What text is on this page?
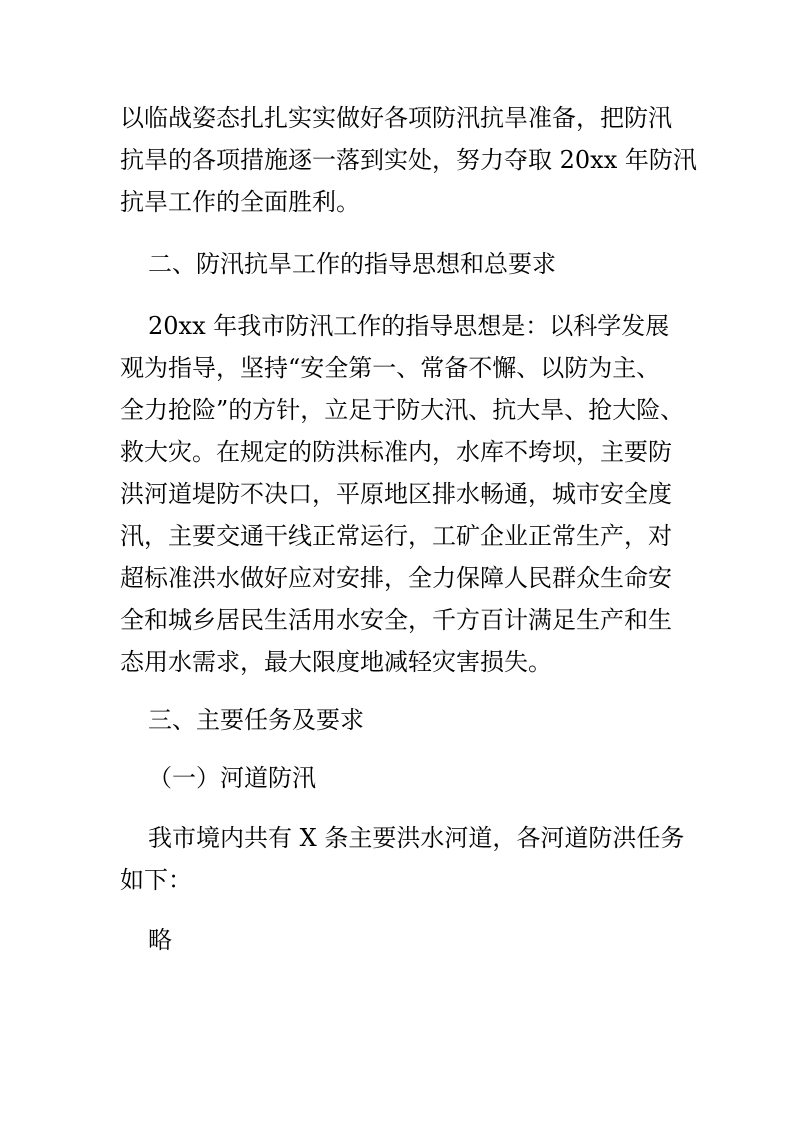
以临战姿态扎扎实实做好各项防汛抗旱准备，把防汛
抗旱的各项措施逐一落到实处，努力夺取 20xx 年防汛
抗旱工作的全面胜利。
二、防汛抗旱工作的指导思想和总要求
20xx 年我市防汛工作的指导思想是：以科学发展
观为指导，坚持“安全第一、常备不懈、以防为主、
全力抢险”的方针，立足于防大汛、抗大旱、抢大险、
救大灾。在规定的防洪标准内，水库不垮坝，主要防
洪河道堤防不决口，平原地区排水畅通，城市安全度
汛，主要交通干线正常运行，工矿企业正常生产，对
超标准洪水做好应对安排，全力保障人民群众生命安
全和城乡居民生活用水安全，千方百计满足生产和生
态用水需求，最大限度地减轻灾害损失。
三、主要任务及要求
（一）河道防汛
我市境内共有 X 条主要洪水河道，各河道防洪任务
如下：
略
